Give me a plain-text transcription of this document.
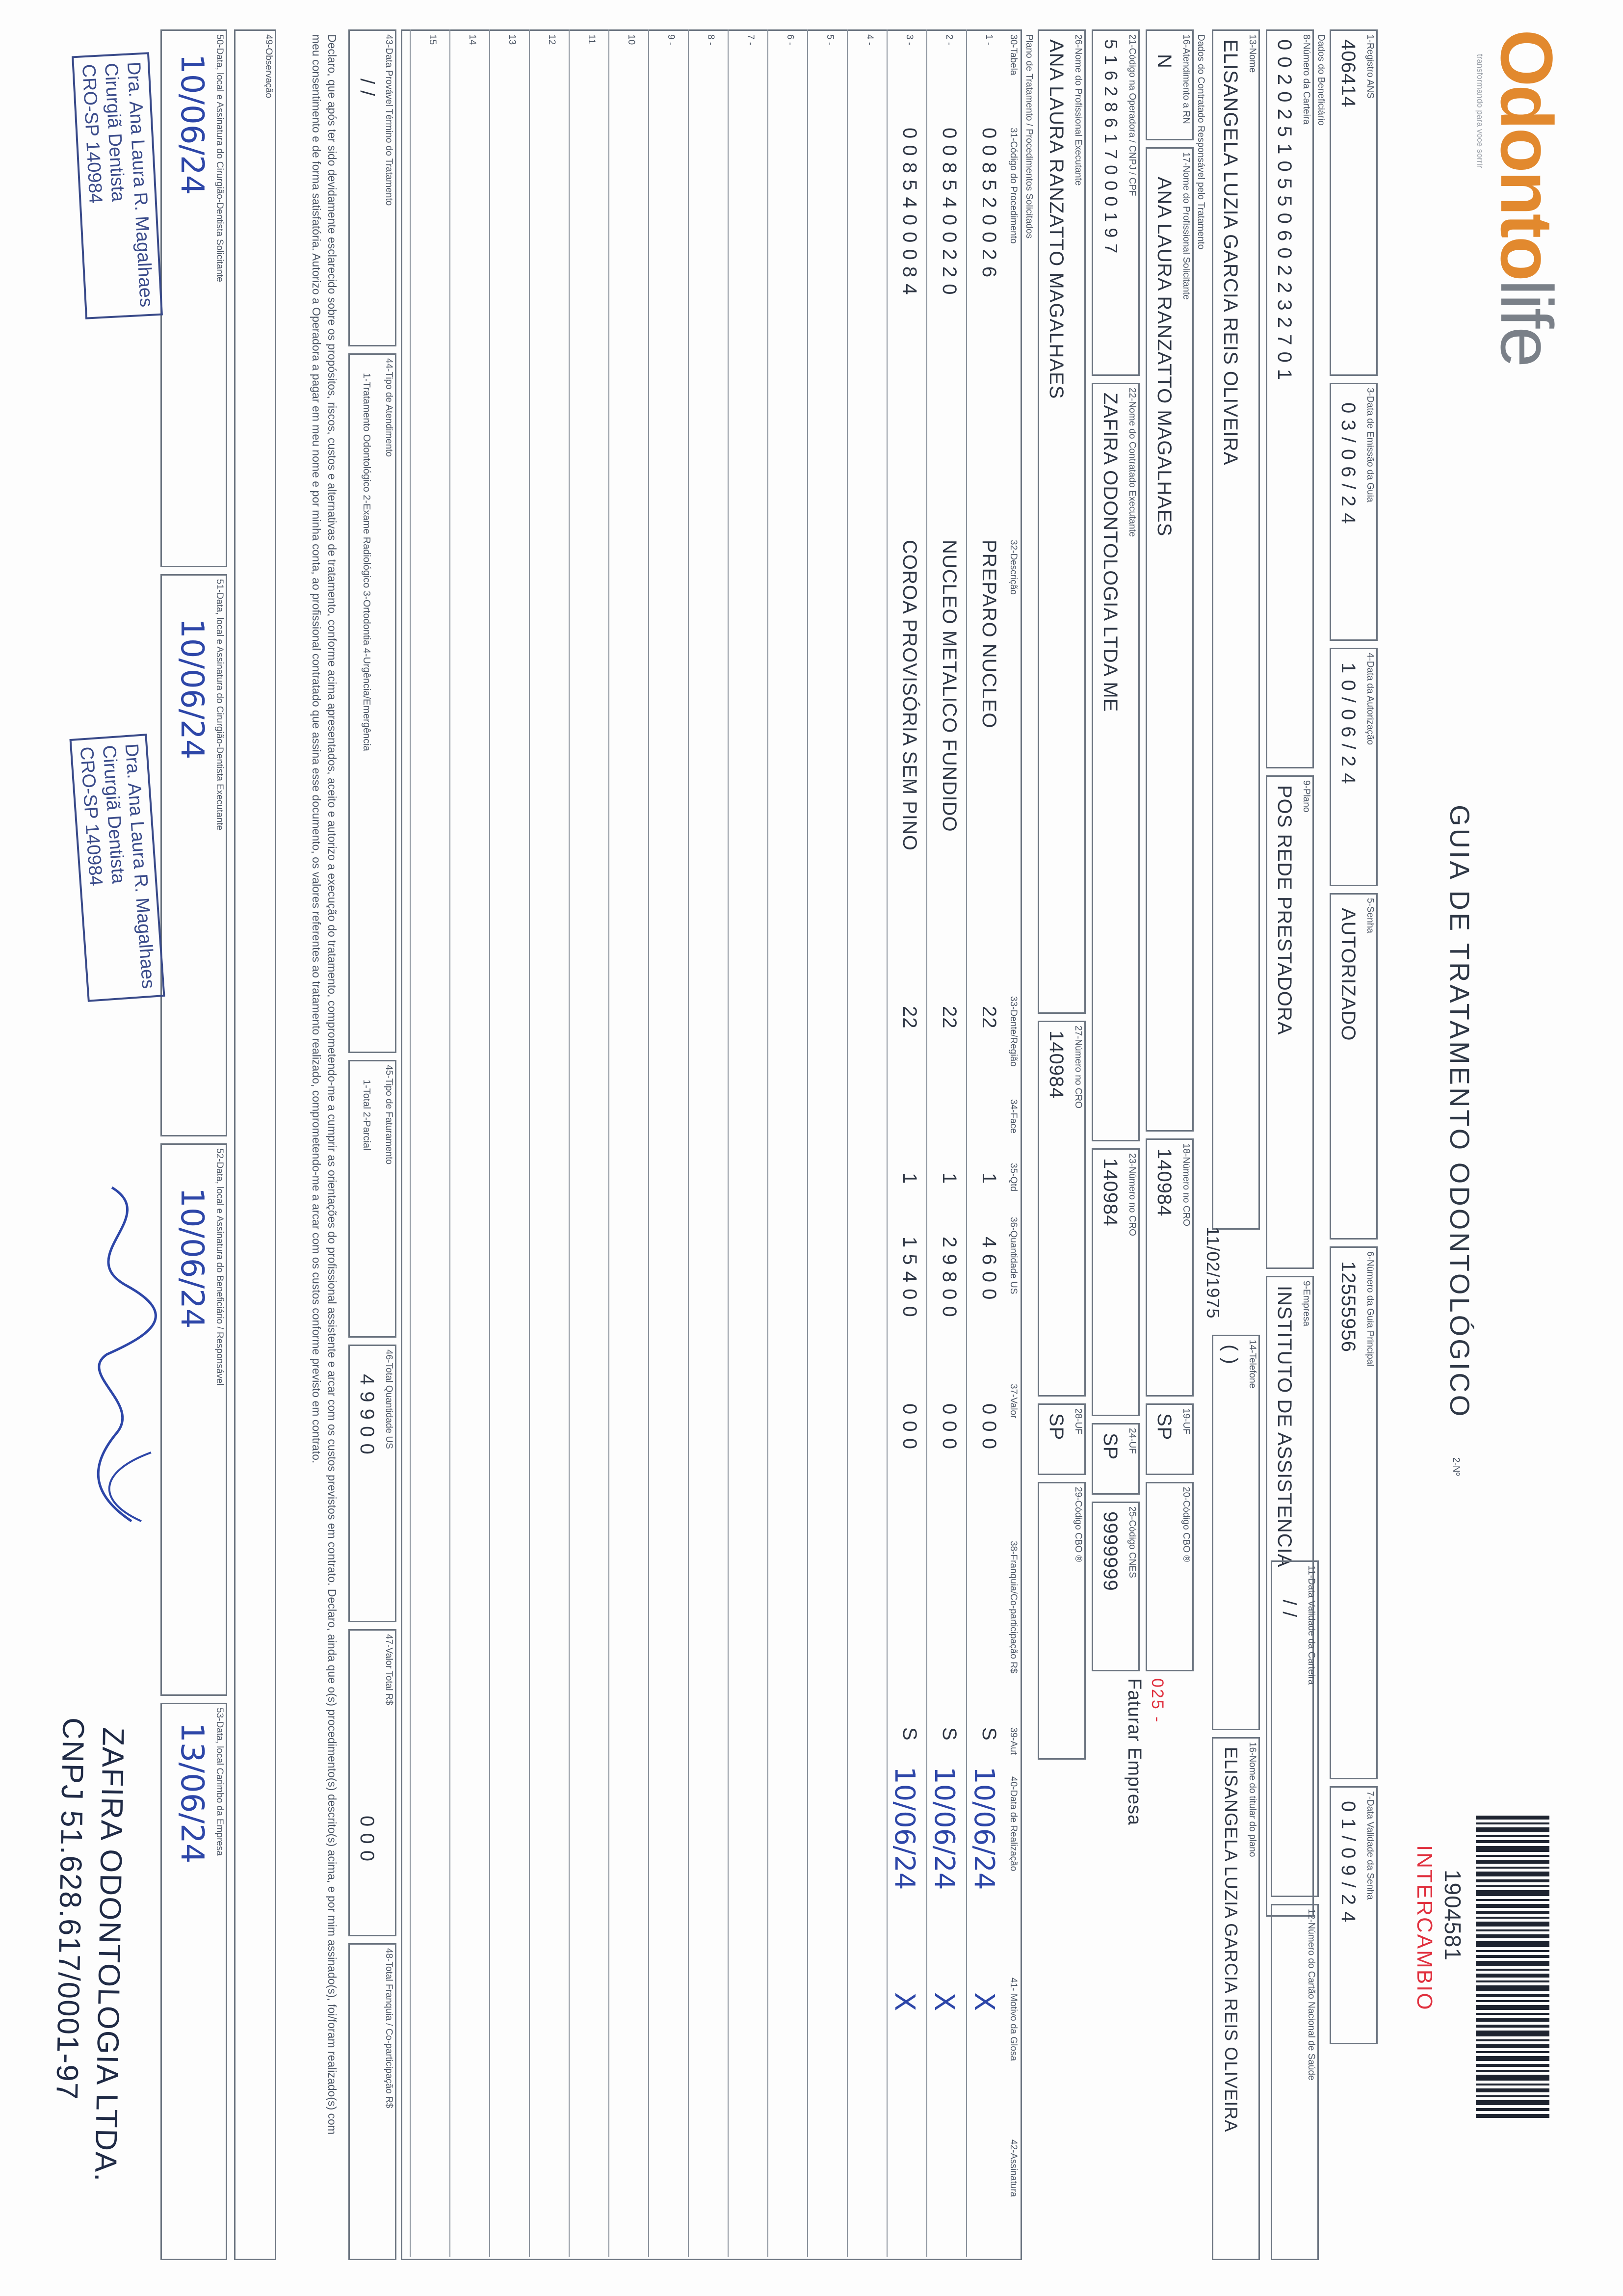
Odontolife
transformando para voce sorrir
GUIA DE TRATAMENTO ODONTOLÓGICO
2-Nº
1904581
INTERCAMBIO
1-Registro ANS
406414
3-Data de Emissão da Guia
0 3 / 0 6 / 2 4
4-Data da Autorização
1 0 / 0 6 / 2 4
5-Senha
AUTORIZADO
6-Número da Guia Principal
12555956
7-Data Validade da Senha
0 1 / 0 9 / 2 4
Dados do Beneficiário
8-Número da Carteira
0 0 2 0 2 5 1 0 5 5 0 6 0 2 2 3 2 7 0 1
9-Plano
POS REDE PRESTADORA
9-Empresa
INSTITUTO DE ASSISTENCIA
13-Nome
ELISANGELA LUZIA GARCIA REIS OLIVEIRA
11/02/1975
14-Telefone
( )
16-Nome do titular do plano
ELISANGELA LUZIA GARCIA REIS OLIVEIRA
11-Data Validade da Carteira
/ /
12-Número do Cartão Nacional de Saúde
Dados do Contratado Responsável pelo Tratamento
16-Atendimento a RN
N
17-Nome do Profissional Solicitante
ANA LAURA RANZATTO MAGALHAES
18-Número no CRO
140984
19-UF
SP
20-Código CBO ®
025 -
Faturar Empresa
21-Código na Operadora / CNPJ / CPF
5 1 6 2 8 6 1 7 0 0 0 1 9 7
22-Nome do Contratado Executante
ZAFIRA ODONTOLOGIA LTDA ME
23-Número no CRO
140984
24-UF
SP
25-Código CNES
9999999
26-Nome do Profissional Executante
ANA LAURA RANZATTO MAGALHAES
27-Número no CRO
140984
28-UF
SP
29-Código CBO ®
Plano de Tratamento / Procedimentos Solicitados
30-Tabela
31-Código do Procedimento
32-Descrição
33-Dente/Região
34-Face
35-Qtd
36-Quantidade US
37-Valor
38-Franquia/Co-participação R$
39-Aut
40-Data de Realização
41- Motivo da Glosa
42-Assinatura
1 -
0 0 8 5 2 0 0 2 6
PREPARO NUCLEO
22
1
4 6 0 0
0 0 0
S
10/06/24
X
2 -
0 0 8 5 4 0 0 2 2 0
NUCLEO METALICO FUNDIDO
22
1
2 9 8 0 0
0 0 0
S
10/06/24
X
3 -
0 0 8 5 4 0 0 0 8 4
COROA PROVISÓRIA SEM PINO
22
1
1 5 4 0 0
0 0 0
S
10/06/24
X
4 -
5 -
6 -
7 -
8 -
9 -
10
11
12
13
14
15
43-Data Provável Término do Tratamento
/ /
44-Tipo de Atendimento
1-Tratamento Odontológico 2-Exame Radiológico 3-Ortodontia 4-Urgência/Emergência
45-Tipo de Faturamento
1-Total 2-Parcial
46-Total Quantidade US
4 9 9 0 0
47-Valor Total R$
0 0 0
48-Total Franquia / Co-participação R$
Declaro, que após ter sido devidamente esclarecido sobre os propósitos, riscos, custos e alternativas de tratamento, conforme acima apresentados, aceito e autorizo a execução do tratamento, comprometendo-me a cumprir as orientações do profissional assistente e arcar com os custos previstos em contrato. Declaro, ainda que o(s) procedimento(s) descrito(s) acima, e por mim assinado(s), foi/foram realizado(s) com meu consentimento e de forma satisfatória. Autorizo a Operadora a pagar em meu nome e por minha conta, ao profissional contratado que assina esse documento, os valores referentes ao tratamento realizado, comprometendo-me a arcar com os custos conforme previsto em contrato.
49-Observação
50-Data, local e Assinatura do Cirurgião-Dentista Solicitante
10/06/24
51-Data, local e Assinatura do Cirurgião-Dentista Executante
10/06/24
52-Data, local e Assinatura do Beneficiário / Responsável
10/06/24
53-Data, local Carimbo da Empresa
13/06/24
Dra. Ana Laura R. Magalhaes
Cirurgiã Dentista
CRO-SP 140984
Dra. Ana Laura R. Magalhaes
Cirurgiã Dentista
CRO-SP 140984
ZAFIRA ODONTOLOGIA LTDA.
CNPJ 51.628.617/0001-97
